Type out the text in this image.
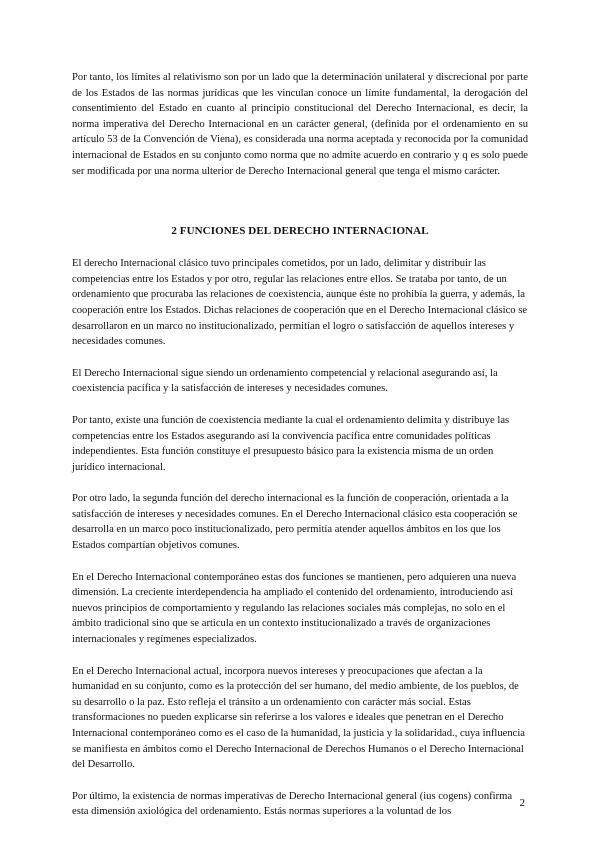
Por tanto, los límites al relativismo son por un lado que la determinación unilateral y discrecional por parte de los Estados de las normas jurídicas que les vinculan conoce un límite fundamental, la derogación del consentimiento del Estado en cuanto al principio constitucional del Derecho Internacional, es decir, la norma imperativa del Derecho Internacional en un carácter general, (definida por el ordenamiento en su artículo 53 de la Convención de Viena), es considerada una norma aceptada y reconocida por la comunidad internacional de Estados en su conjunto como norma que no admite acuerdo en contrario y q es solo puede ser modificada por una norma ulterior de Derecho Internacional general que tenga el mismo carácter.

2 FUNCIONES DEL DERECHO INTERNACIONAL

El derecho Internacional clásico tuvo principales cometidos, por un lado, delimitar y distribuir las competencias entre los Estados y por otro, regular las relaciones entre ellos. Se trataba por tanto, de un ordenamiento que procuraba las relaciones de coexistencia, aunque éste no prohibía la guerra, y además, la cooperación entre los Estados. Dichas relaciones de cooperación que en el Derecho Internacional clásico se desarrollaron en un marco no institucionalizado, permitían el logro o satisfacción de aquellos intereses y necesidades comunes.

El Derecho Internacional sigue siendo un ordenamiento competencial y relacional asegurando así, la coexistencia pacífica y la satisfacción de intereses y necesidades comunes.

Por tanto, existe una función de coexistencia mediante la cual el ordenamiento delimita y distribuye las competencias entre los Estados asegurando así la convivencia pacífica entre comunidades políticas independientes. Esta función constituye el presupuesto básico para la existencia misma de un orden jurídico internacional.

Por otro lado, la segunda función del derecho internacional es la función de cooperación, orientada a la satisfacción de intereses y necesidades comunes. En el Derecho Internacional clásico esta cooperación se desarrolla en un marco poco institucionalizado, pero permitía atender aquellos ámbitos en los que los Estados compartían objetivos comunes.

En el Derecho Internacional contemporáneo estas dos funciones se mantienen, pero adquieren una nueva dimensión. La creciente interdependencia ha ampliado el contenido del ordenamiento, introduciendo así nuevos principios de comportamiento y regulando las relaciones sociales más complejas, no solo en el ámbito tradicional sino que se articula en un contexto institucionalizado a través de organizaciones internacionales y regímenes especializados.

En el Derecho Internacional actual, incorpora nuevos intereses y preocupaciones que afectan a la humanidad en su conjunto, como es la protección del ser humano, del medio ambiente, de los pueblos, de su desarrollo o la paz. Esto refleja el tránsito a un ordenamiento con carácter más social. Estas transformaciones no pueden explicarse sin referirse a los valores e ideales que penetran en el Derecho Internacional contemporáneo como es el caso de la humanidad, la justicia y la solidaridad., cuya influencia se manifiesta en ámbitos como el Derecho Internacional de Derechos Humanos o el Derecho Internacional del Desarrollo.

Por último, la existencia de normas imperativas de Derecho Internacional general (ius cogens) confirma esta dimensión axiológica del ordenamiento. Estás normas superiores a la voluntad de los

2
